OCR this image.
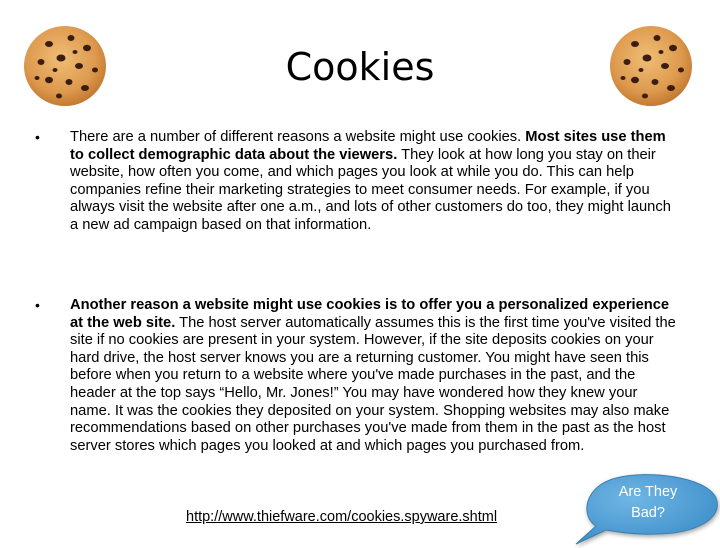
Cookies
• There are a number of different reasons a website might use cookies. Most sites use them to collect demographic data about the viewers. They look at how long you stay on their website, how often you come, and which pages you look at while you do. This can help companies refine their marketing strategies to meet consumer needs. For example, if you always visit the website after one a.m., and lots of other customers do too, they might launch a new ad campaign based on that information.
• Another reason a website might use cookies is to offer you a personalized experience at the web site. The host server automatically assumes this is the first time you've visited the site if no cookies are present in your system. However, if the site deposits cookies on your hard drive, the host server knows you are a returning customer. You might have seen this before when you return to a website where you've made purchases in the past, and the header at the top says “Hello, Mr. Jones!” You may have wondered how they knew your name. It was the cookies they deposited on your system. Shopping websites may also make recommendations based on other purchases you've made from them in the past as the host server stores which pages you looked at and which pages you purchased from.
http://www.thiefware.com/cookies.spyware.shtml
Are They
Bad?
